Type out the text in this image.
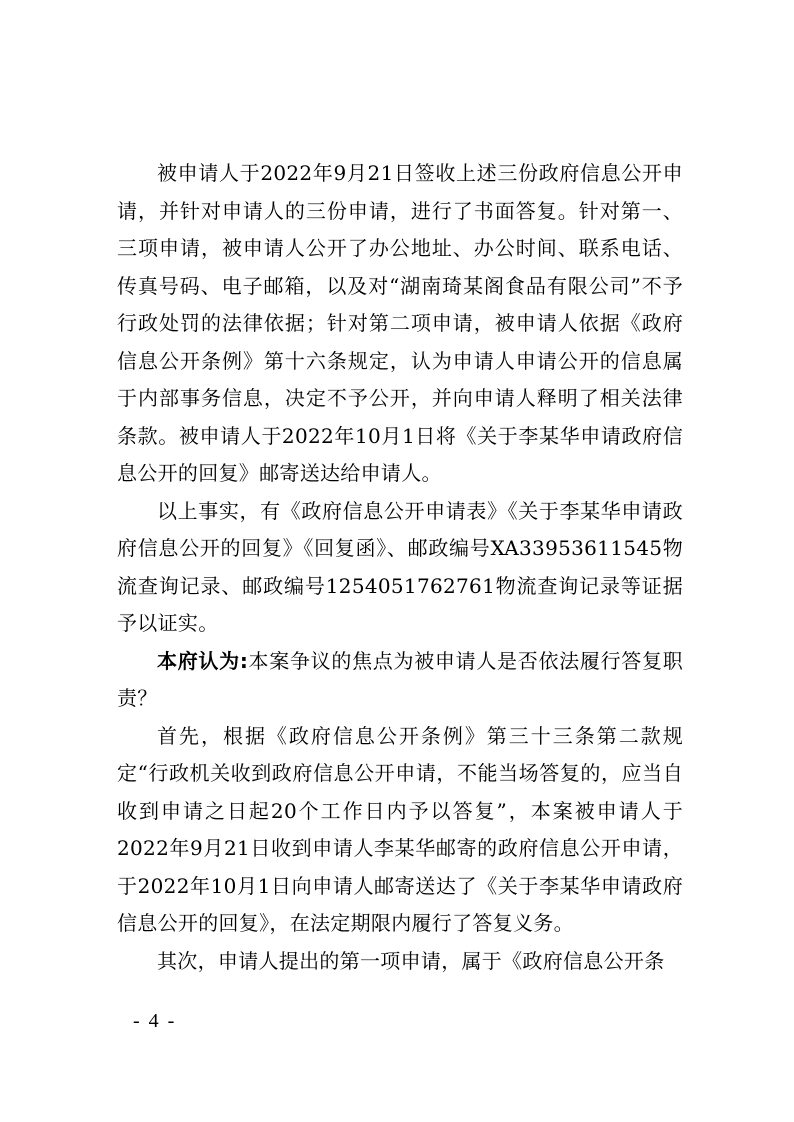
被申请人于2022年9月21日签收上述三份政府信息公开申请，并针对申请人的三份申请，进行了书面答复。针对第一、三项申请，被申请人公开了办公地址、办公时间、联系电话、传真号码、电子邮箱，以及对“湖南琦某阁食品有限公司”不予行政处罚的法律依据；针对第二项申请，被申请人依据《政府信息公开条例》第十六条规定，认为申请人申请公开的信息属于内部事务信息，决定不予公开，并向申请人释明了相关法律条款。被申请人于2022年10月1日将《关于李某华申请政府信息公开的回复》邮寄送达给申请人。

以上事实，有《政府信息公开申请表》《关于李某华申请政府信息公开的回复》《回复函》、邮政编号XA33953611545物流查询记录、邮政编号1254051762761物流查询记录等证据予以证实。

本府认为:本案争议的焦点为被申请人是否依法履行答复职责？

首先，根据《政府信息公开条例》第三十三条第二款规定“行政机关收到政府信息公开申请，不能当场答复的，应当自收到申请之日起20个工作日内予以答复”，本案被申请人于2022年9月21日收到申请人李某华邮寄的政府信息公开申请，于2022年10月1日向申请人邮寄送达了《关于李某华申请政府信息公开的回复》，在法定期限内履行了答复义务。

其次，申请人提出的第一项申请，属于《政府信息公开条

- 4 -
